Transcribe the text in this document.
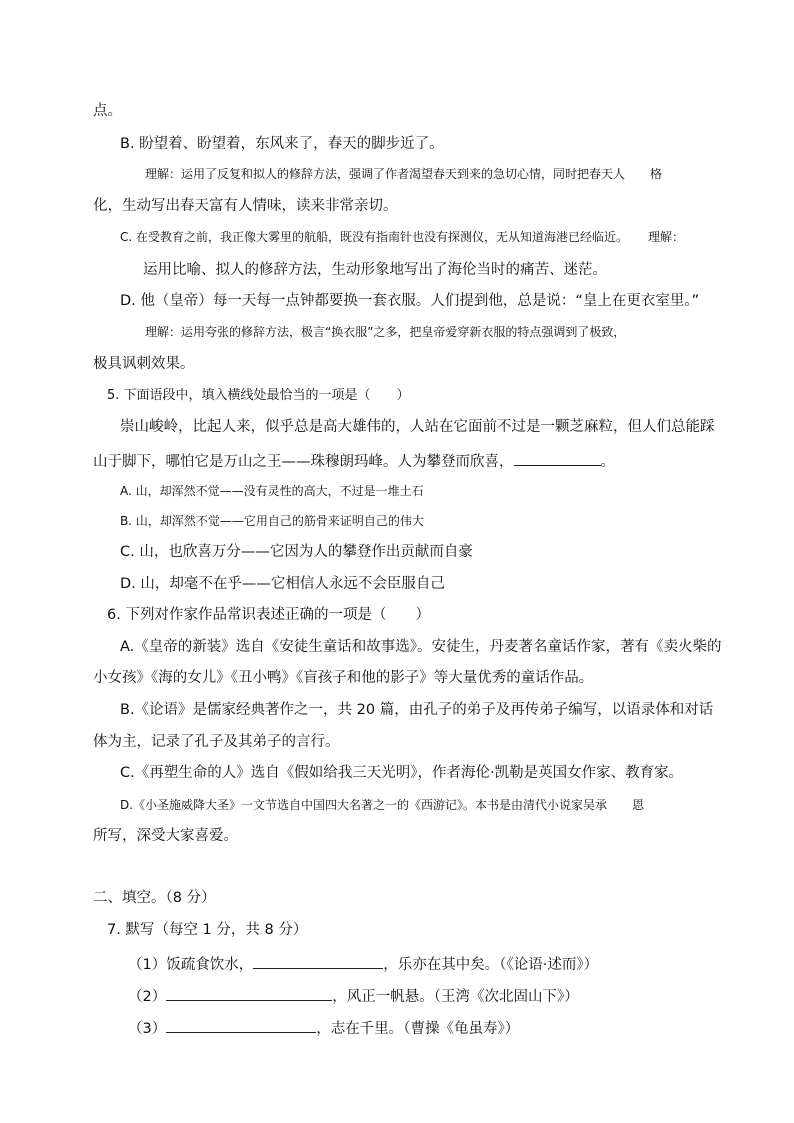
点。
B. 盼望着、盼望着，东风来了，春天的脚步近了。
理解：运用了反复和拟人的修辞方法，强调了作者渴望春天到来的急切心情，同时把春天人 格
化，生动写出春天富有人情味，读来非常亲切。
C. 在受教育之前，我正像大雾里的航船，既没有指南针也没有探测仪，无从知道海港已经临近。 理解：
运用比喻、拟人的修辞方法，生动形象地写出了海伦当时的痛苦、迷茫。
D. 他（皇帝）每一天每一点钟都要换一套衣服。人们提到他，总是说：“皇上在更衣室里。”
理解：运用夸张的修辞方法，极言“换衣服”之多，把皇帝爱穿新衣服的特点强调到了极致，
极具讽刺效果。
5. 下面语段中，填入横线处最恰当的一项是（　　）
崇山峻岭，比起人来，似乎总是高大雄伟的，人站在它面前不过是一颗芝麻粒，但人们总能踩
山于脚下，哪怕它是万山之王——珠穆朗玛峰。人为攀登而欣喜，	。
A. 山，却浑然不觉——没有灵性的高大，不过是一堆土石
B. 山，却浑然不觉——它用自己的筋骨来证明自己的伟大
C. 山，也欣喜万分——它因为人的攀登作出贡献而自豪
D. 山，却毫不在乎——它相信人永远不会臣服自己
6. 下列对作家作品常识表述正确的一项是（　　）
A.《皇帝的新装》选自《安徒生童话和故事选》。安徒生，丹麦著名童话作家，著有《卖火柴的
小女孩》《海的女儿》《丑小鸭》《盲孩子和他的影子》等大量优秀的童话作品。
B.《论语》是儒家经典著作之一，共 20 篇，由孔子的弟子及再传弟子编写，以语录体和对话
体为主，记录了孔子及其弟子的言行。
C.《再塑生命的人》选自《假如给我三天光明》，作者海伦·凯勒是英国女作家、教育家。
D.《小圣施威降大圣》一文节选自中国四大名著之一的《西游记》。本书是由清代小说家吴承 恩
所写，深受大家喜爱。
二、填空。（8 分）
7. 默写（每空 1 分，共 8 分）
（1）饭疏食饮水，	，乐亦在其中矣。（《论语·述而》）
（2）	，风正一帆悬。（王湾《次北固山下》）
（3）	，志在千里。（曹操《龟虽寿》）
